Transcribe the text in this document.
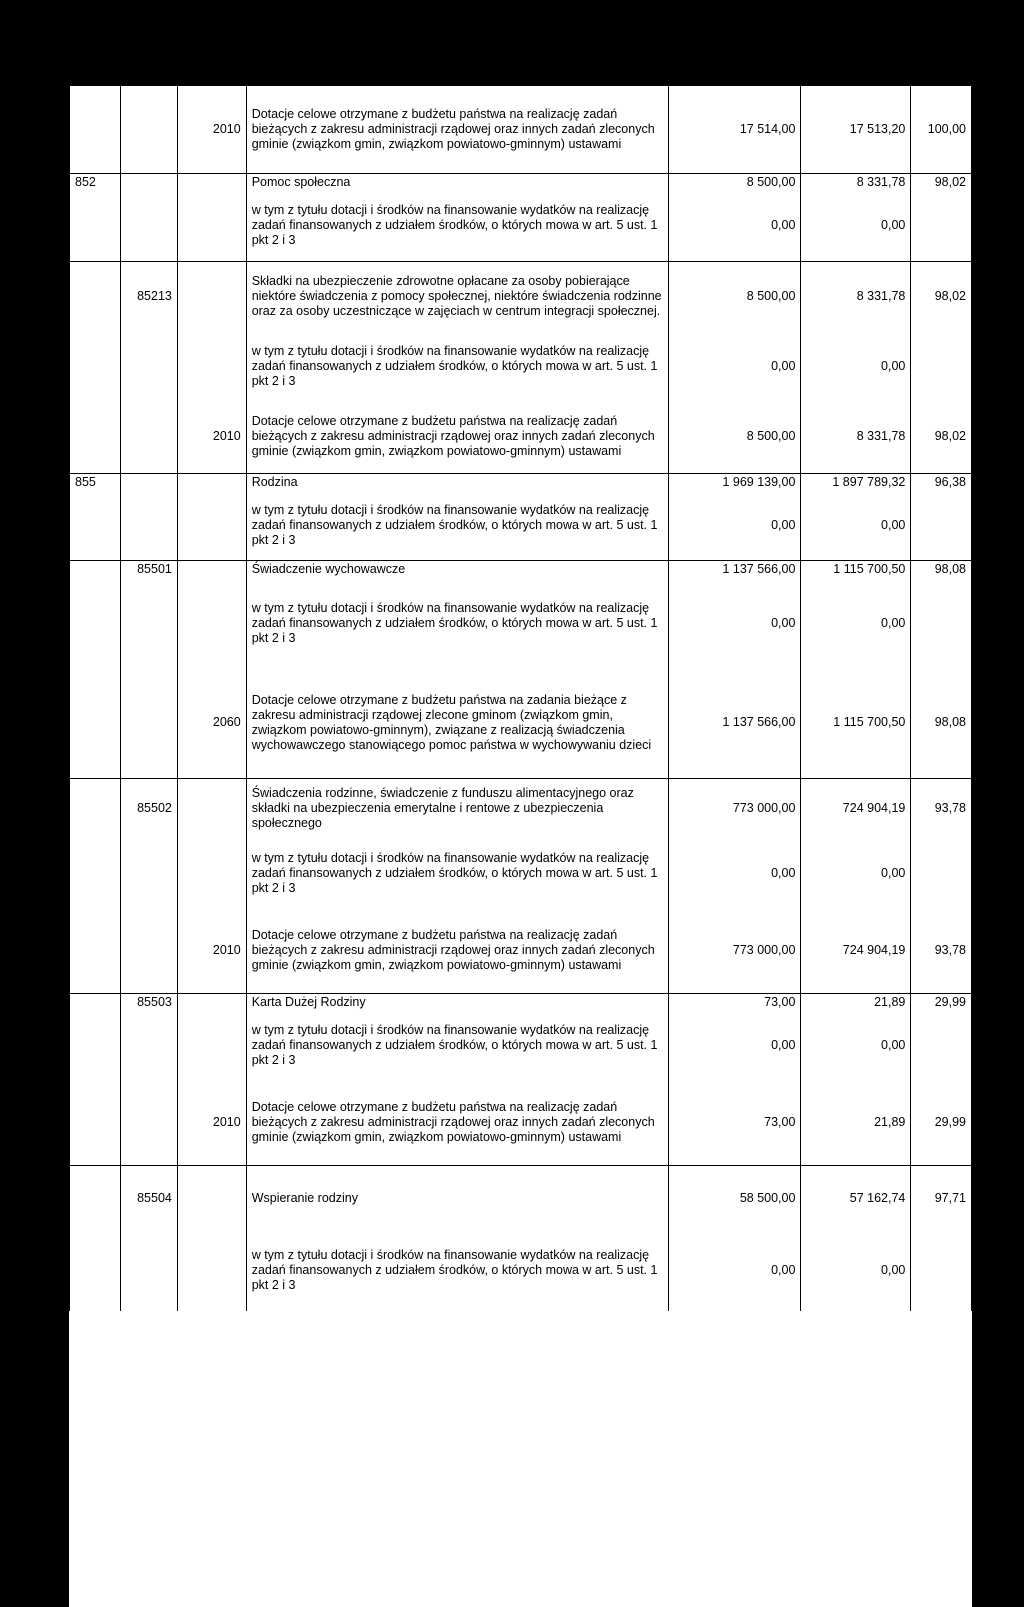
		2010	Dotacje celowe otrzymane z budżetu państwa na realizację zadań bieżących z zakresu administracji rządowej oraz innych zadań zleconych gminie (związkom gmin, związkom powiatowo-gminnym) ustawami	17 514,00	17 513,20	100,00
852			Pomoc społeczna	8 500,00	8 331,78	98,02
			w tym z tytułu dotacji i środków na finansowanie wydatków na realizację zadań finansowanych z udziałem środków, o których mowa w art. 5 ust. 1 pkt 2 i 3	0,00	0,00	
	85213		Składki na ubezpieczenie zdrowotne opłacane za osoby pobierające niektóre świadczenia z pomocy społecznej, niektóre świadczenia rodzinne oraz za osoby uczestniczące w zajęciach w centrum integracji społecznej.	8 500,00	8 331,78	98,02
			w tym z tytułu dotacji i środków na finansowanie wydatków na realizację zadań finansowanych z udziałem środków, o których mowa w art. 5 ust. 1 pkt 2 i 3	0,00	0,00	
		2010	Dotacje celowe otrzymane z budżetu państwa na realizację zadań bieżących z zakresu administracji rządowej oraz innych zadań zleconych gminie (związkom gmin, związkom powiatowo-gminnym) ustawami	8 500,00	8 331,78	98,02
855			Rodzina	1 969 139,00	1 897 789,32	96,38
			w tym z tytułu dotacji i środków na finansowanie wydatków na realizację zadań finansowanych z udziałem środków, o których mowa w art. 5 ust. 1 pkt 2 i 3	0,00	0,00	
	85501		Świadczenie wychowawcze	1 137 566,00	1 115 700,50	98,08
			w tym z tytułu dotacji i środków na finansowanie wydatków na realizację zadań finansowanych z udziałem środków, o których mowa w art. 5 ust. 1 pkt 2 i 3	0,00	0,00	
		2060	Dotacje celowe otrzymane z budżetu państwa na zadania bieżące z zakresu administracji rządowej zlecone gminom (związkom gmin, związkom powiatowo-gminnym), związane z realizacją świadczenia wychowawczego stanowiącego pomoc państwa w wychowywaniu dzieci	1 137 566,00	1 115 700,50	98,08
	85502		Świadczenia rodzinne, świadczenie z funduszu alimentacyjnego oraz składki na ubezpieczenia emerytalne i rentowe z ubezpieczenia społecznego	773 000,00	724 904,19	93,78
			w tym z tytułu dotacji i środków na finansowanie wydatków na realizację zadań finansowanych z udziałem środków, o których mowa w art. 5 ust. 1 pkt 2 i 3	0,00	0,00	
		2010	Dotacje celowe otrzymane z budżetu państwa na realizację zadań bieżących z zakresu administracji rządowej oraz innych zadań zleconych gminie (związkom gmin, związkom powiatowo-gminnym) ustawami	773 000,00	724 904,19	93,78
	85503		Karta Dużej Rodziny	73,00	21,89	29,99
			w tym z tytułu dotacji i środków na finansowanie wydatków na realizację zadań finansowanych z udziałem środków, o których mowa w art. 5 ust. 1 pkt 2 i 3	0,00	0,00	
		2010	Dotacje celowe otrzymane z budżetu państwa na realizację zadań bieżących z zakresu administracji rządowej oraz innych zadań zleconych gminie (związkom gmin, związkom powiatowo-gminnym) ustawami	73,00	21,89	29,99
	85504		Wspieranie rodziny	58 500,00	57 162,74	97,71
			w tym z tytułu dotacji i środków na finansowanie wydatków na realizację zadań finansowanych z udziałem środków, o których mowa w art. 5 ust. 1 pkt 2 i 3	0,00	0,00	
